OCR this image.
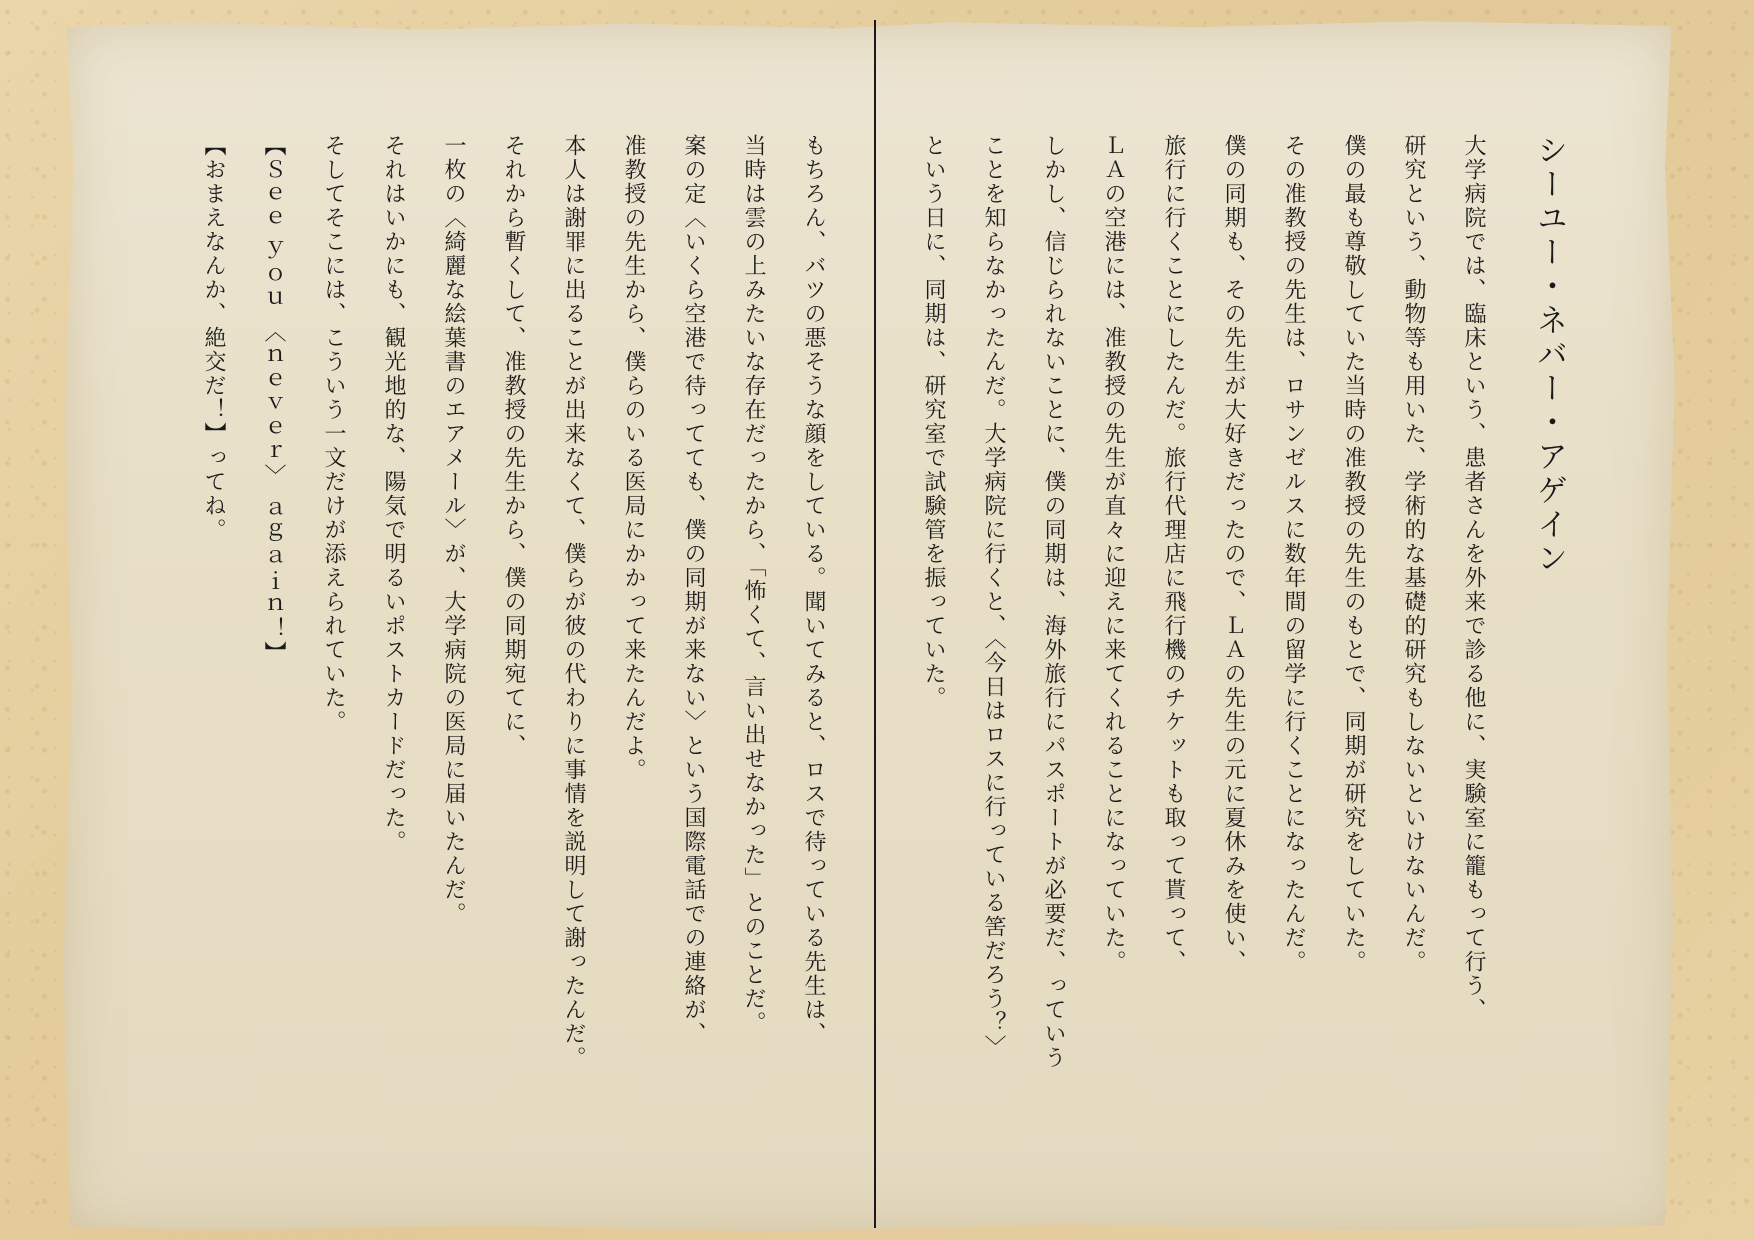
シーユー・ネバー・アゲイン
大学病院では、臨床という、患者さんを外来で診る他に、実験室に籠もって行う、
研究という、動物等も用いた、学術的な基礎的研究もしないといけないんだ。
僕の最も尊敬していた当時の准教授の先生のもとで、同期が研究をしていた。
その准教授の先生は、ロサンゼルスに数年間の留学に行くことになったんだ。
僕の同期も、その先生が大好きだったので、ＬＡの先生の元に夏休みを使い、
旅行に行くことにしたんだ。旅行代理店に飛行機のチケットも取って貰って、
ＬＡの空港には、准教授の先生が直々に迎えに来てくれることになっていた。
しかし、信じられないことに、僕の同期は、海外旅行にパスポートが必要だ、っていう
ことを知らなかったんだ。大学病院に行くと、〈今日はロスに行っている筈だろう？〉
という日に、同期は、研究室で試験管を振っていた。
もちろん、バツの悪そうな顔をしている。聞いてみると、ロスで待っている先生は、
当時は雲の上みたいな存在だったから、「怖くて、言い出せなかった」とのことだ。
案の定〈いくら空港で待ってても、僕の同期が来ない〉という国際電話での連絡が、
准教授の先生から、僕らのいる医局にかかって来たんだよ。
本人は謝罪に出ることが出来なくて、僕らが彼の代わりに事情を説明して謝ったんだ。
それから暫くして、准教授の先生から、僕の同期宛てに、
一枚の〈綺麗な絵葉書のエアメール〉が、大学病院の医局に届いたんだ。
それはいかにも、観光地的な、陽気で明るいポストカードだった。
そしてそこには、こういう一文だけが添えられていた。
【Ｓｅｅ ｙｏｕ 〈ｎｅｖｅｒ〉 ａｇａｉｎ！】
【おまえなんか、絶交だ！】ってね。
